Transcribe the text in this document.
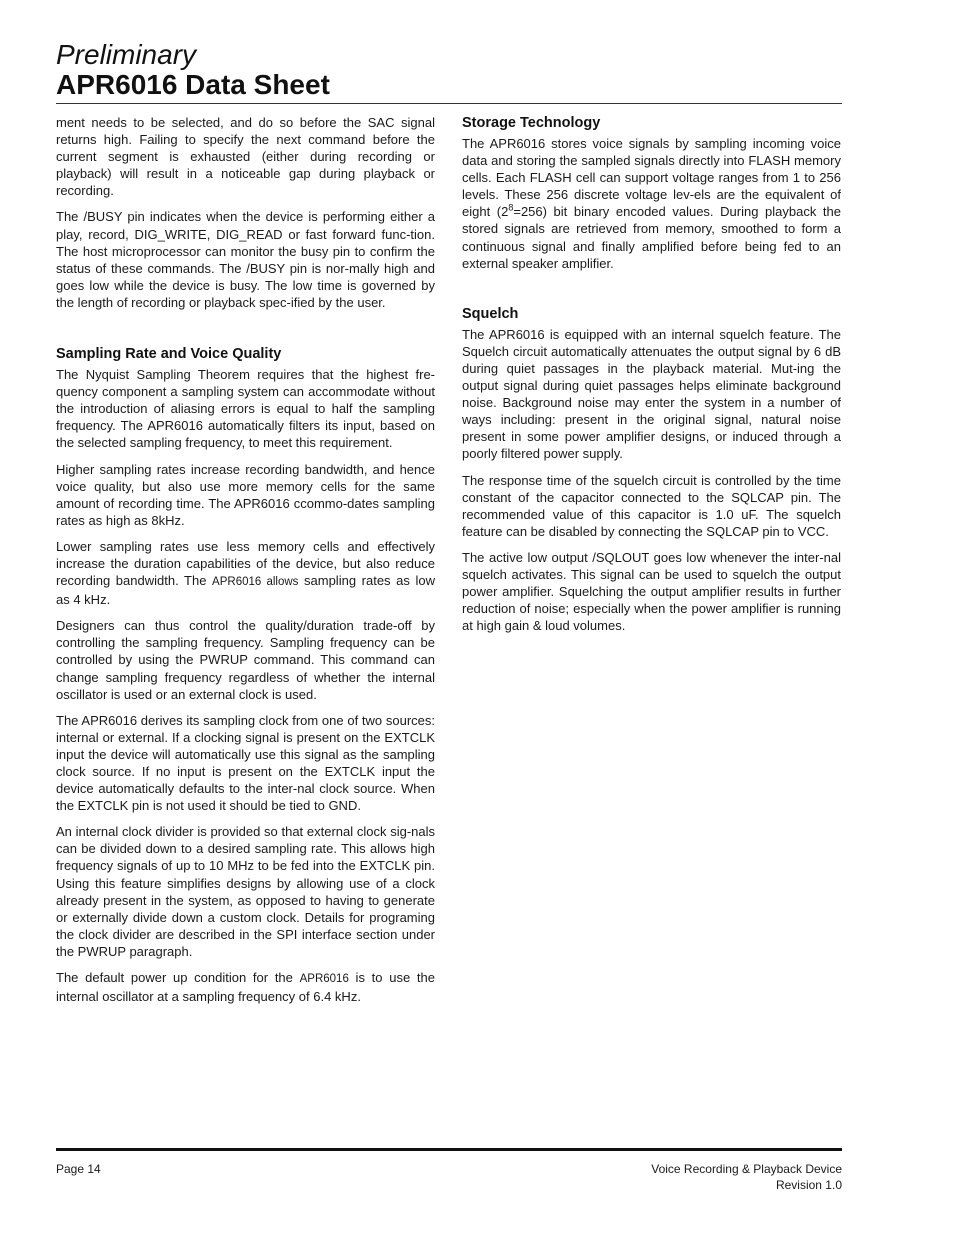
Preliminary
APR6016 Data Sheet

ment needs to be selected, and do so before the SAC signal returns high. Failing to specify the next command before the current segment is exhausted (either during recording or playback) will result in a noticeable gap during playback or recording.

The /BUSY pin indicates when the device is performing either a play, record, DIG_WRITE, DIG_READ or fast forward func-tion. The host microprocessor can monitor the busy pin to confirm the status of these commands. The /BUSY pin is nor-mally high and goes low while the device is busy. The low time is governed by the length of recording or playback spec-ified by the user.

Sampling Rate and Voice Quality

The Nyquist Sampling Theorem requires that the highest fre-quency component a sampling system can accommodate without the introduction of aliasing errors is equal to half the sampling frequency. The APR6016 automatically filters its input, based on the selected sampling frequency, to meet this requirement.

Higher sampling rates increase recording bandwidth, and hence voice quality, but also use more memory cells for the same amount of recording time. The APR6016 ccommo-dates sampling rates as high as 8kHz.

Lower sampling rates use less memory cells and effectively increase the duration capabilities of the device, but also reduce recording bandwidth. The APR6016 allows sampling rates as low as 4 kHz.

Designers can thus control the quality/duration trade-off by controlling the sampling frequency. Sampling frequency can be controlled by using the PWRUP command. This command can change sampling frequency regardless of whether the internal oscillator is used or an external clock is used.

The APR6016 derives its sampling clock from one of two sources: internal or external. If a clocking signal is present on the EXTCLK input the device will automatically use this signal as the sampling clock source. If no input is present on the EXTCLK input the device automatically defaults to the inter-nal clock source. When the EXTCLK pin is not used it should be tied to GND.

An internal clock divider is provided so that external clock sig-nals can be divided down to a desired sampling rate. This allows high frequency signals of up to 10 MHz to be fed into the EXTCLK pin. Using this feature simplifies designs by allowing use of a clock already present in the system, as opposed to having to generate or externally divide down a custom clock. Details for programing the clock divider are described in the SPI interface section under the PWRUP paragraph.

The default power up condition for the APR6016 is to use the internal oscillator at a sampling frequency of 6.4 kHz.

Storage Technology

The APR6016 stores voice signals by sampling incoming voice data and storing the sampled signals directly into FLASH memory cells. Each FLASH cell can support voltage ranges from 1 to 256 levels. These 256 discrete voltage lev-els are the equivalent of eight $(2^8=256)$ bit binary encoded values. During playback the stored signals are retrieved from memory, smoothed to form a continuous signal and finally amplified before being fed to an external speaker amplifier.

Squelch

The APR6016 is equipped with an internal squelch feature. The Squelch circuit automatically attenuates the output signal by 6 dB during quiet passages in the playback material. Mut-ing the output signal during quiet passages helps eliminate background noise. Background noise may enter the system in a number of ways including: present in the original signal, natural noise present in some power amplifier designs, or induced through a poorly filtered power supply.

The response time of the squelch circuit is controlled by the time constant of the capacitor connected to the SQLCAP pin. The recommended value of this capacitor is 1.0 uF. The squelch feature can be disabled by connecting the SQLCAP pin to VCC.

The active low output /SQLOUT goes low whenever the inter-nal squelch activates. This signal can be used to squelch the output power amplifier. Squelching the output amplifier results in further reduction of noise; especially when the power amplifier is running at high gain & loud volumes.

Page 14	Voice Recording & Playback Device
Revision 1.0
